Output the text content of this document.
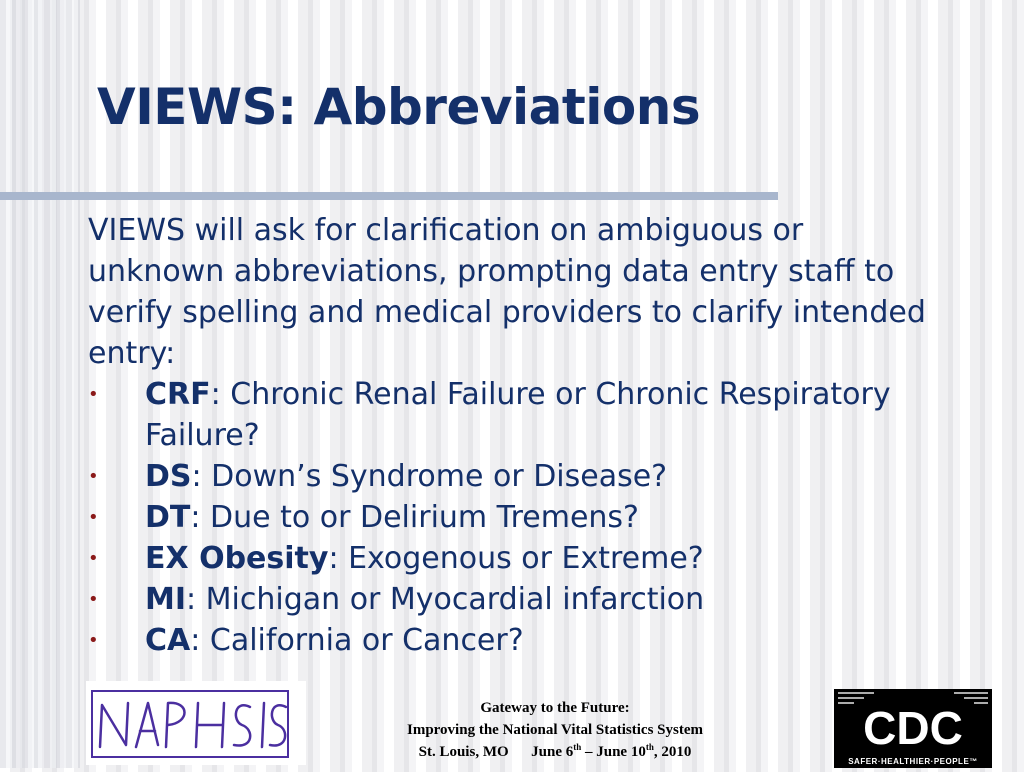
VIEWS: Abbreviations

VIEWS will ask for clarification on ambiguous or unknown abbreviations, prompting data entry staff to verify spelling and medical providers to clarify intended entry:

• CRF: Chronic Renal Failure or Chronic Respiratory Failure?
• DS: Down’s Syndrome or Disease?
• DT: Due to or Delirium Tremens?
• EX Obesity: Exogenous or Extreme?
• MI: Michigan or Myocardial infarction
• CA: California or Cancer?
Gateway to the Future:
Improving the National Vital Statistics System
St. Louis, MO June 6th – June 10th, 2010	CDC
SAFER·HEALTHIER·PEOPLE™
